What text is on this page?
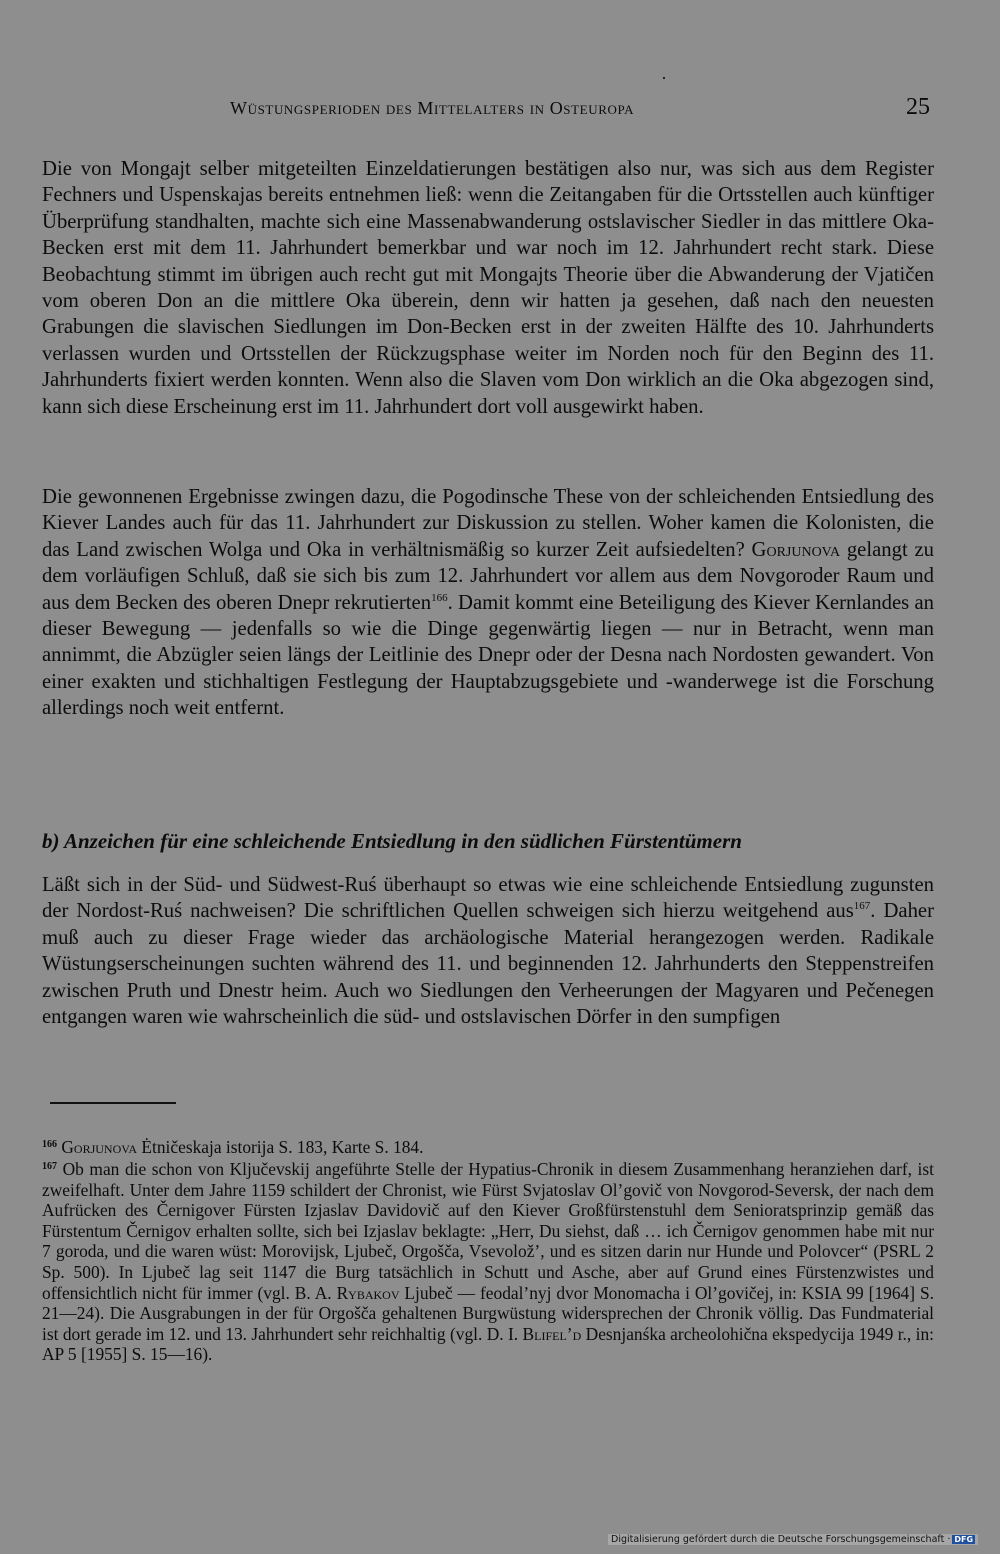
Wüstungsperioden des Mittelalters in Osteuropa	25

Die von Mongajt selber mitgeteilten Einzeldatierungen bestätigen also nur, was sich aus dem Register Fechners und Uspenskajas bereits entnehmen ließ: wenn die Zeitangaben für die Ortsstellen auch künftiger Überprüfung standhalten, machte sich eine Massenabwanderung ostslavischer Siedler in das mittlere Oka-Becken erst mit dem 11. Jahrhundert bemerkbar und war noch im 12. Jahrhundert recht stark. Diese Beobachtung stimmt im übrigen auch recht gut mit Mongajts Theorie über die Abwanderung der Vjatičen vom oberen Don an die mittlere Oka überein, denn wir hatten ja gesehen, daß nach den neuesten Grabungen die slavischen Siedlungen im Don-Becken erst in der zweiten Hälfte des 10. Jahrhunderts verlassen wurden und Ortsstellen der Rückzugsphase weiter im Norden noch für den Beginn des 11. Jahrhunderts fixiert werden konnten. Wenn also die Slaven vom Don wirklich an die Oka abgezogen sind, kann sich diese Erscheinung erst im 11. Jahrhundert dort voll ausgewirkt haben.

Die gewonnenen Ergebnisse zwingen dazu, die Pogodinsche These von der schleichenden Entsiedlung des Kiever Landes auch für das 11. Jahrhundert zur Diskussion zu stellen. Woher kamen die Kolonisten, die das Land zwischen Wolga und Oka in verhältnismäßig so kurzer Zeit aufsiedelten? Gorjunova gelangt zu dem vorläufigen Schluß, daß sie sich bis zum 12. Jahrhundert vor allem aus dem Novgoroder Raum und aus dem Becken des oberen Dnepr rekrutierten$^{166}$. Damit kommt eine Beteiligung des Kiever Kernlandes an dieser Bewegung — jedenfalls so wie die Dinge gegenwärtig liegen — nur in Betracht, wenn man annimmt, die Abzügler seien längs der Leitlinie des Dnepr oder der Desna nach Nordosten gewandert. Von einer exakten und stichhaltigen Festlegung der Hauptabzugsgebiete und -wanderwege ist die Forschung allerdings noch weit entfernt.

b) Anzeichen für eine schleichende Entsiedlung in den südlichen Fürstentümern

Läßt sich in der Süd- und Südwest-Ruś überhaupt so etwas wie eine schleichende Entsiedlung zugunsten der Nordost-Ruś nachweisen? Die schriftlichen Quellen schweigen sich hierzu weitgehend aus$^{167}$. Daher muß auch zu dieser Frage wieder das archäologische Material herangezogen werden. Radikale Wüstungserscheinungen suchten während des 11. und beginnenden 12. Jahrhunderts den Steppenstreifen zwischen Pruth und Dnestr heim. Auch wo Siedlungen den Verheerungen der Magyaren und Pečenegen entgangen waren wie wahrscheinlich die süd- und ostslavischen Dörfer in den sumpfigen

$^{166}$ Gorjunova Ėtničeskaja istorija S. 183, Karte S. 184.

$^{167}$ Ob man die schon von Ključevskij angeführte Stelle der Hypatius-Chronik in diesem Zusammenhang heranziehen darf, ist zweifelhaft. Unter dem Jahre 1159 schildert der Chronist, wie Fürst Svjatoslav Ol’govič von Novgorod-Seversk, der nach dem Aufrücken des Černigover Fürsten Izjaslav Davidovič auf den Kiever Großfürstenstuhl dem Senioratsprinzip gemäß das Fürstentum Černigov erhalten sollte, sich bei Izjaslav beklagte: „Herr, Du siehst, daß … ich Černigov genommen habe mit nur 7 goroda, und die waren wüst: Morovijsk, Ljubeč, Orgošča, Vsevolož’, und es sitzen darin nur Hunde und Polovcer“ (PSRL 2 Sp. 500). In Ljubeč lag seit 1147 die Burg tatsächlich in Schutt und Asche, aber auf Grund eines Fürstenzwistes und offensichtlich nicht für immer (vgl. B. A. Rybakov Ljubeč — feodal’nyj dvor Monomacha i Ol’govičej, in: KSIA 99 [1964] S. 21—24). Die Ausgrabungen in der für Orgošča gehaltenen Burgwüstung widersprechen der Chronik völlig. Das Fundmaterial ist dort gerade im 12. und 13. Jahrhundert sehr reichhaltig (vgl. D. I. Blifel’d Desnjanśka archeolohična ekspedycija 1949 r., in: AP 5 [1955] S. 15—16).

Digitalisierung gefördert durch die Deutsche Forschungsgemeinschaft · DFG
